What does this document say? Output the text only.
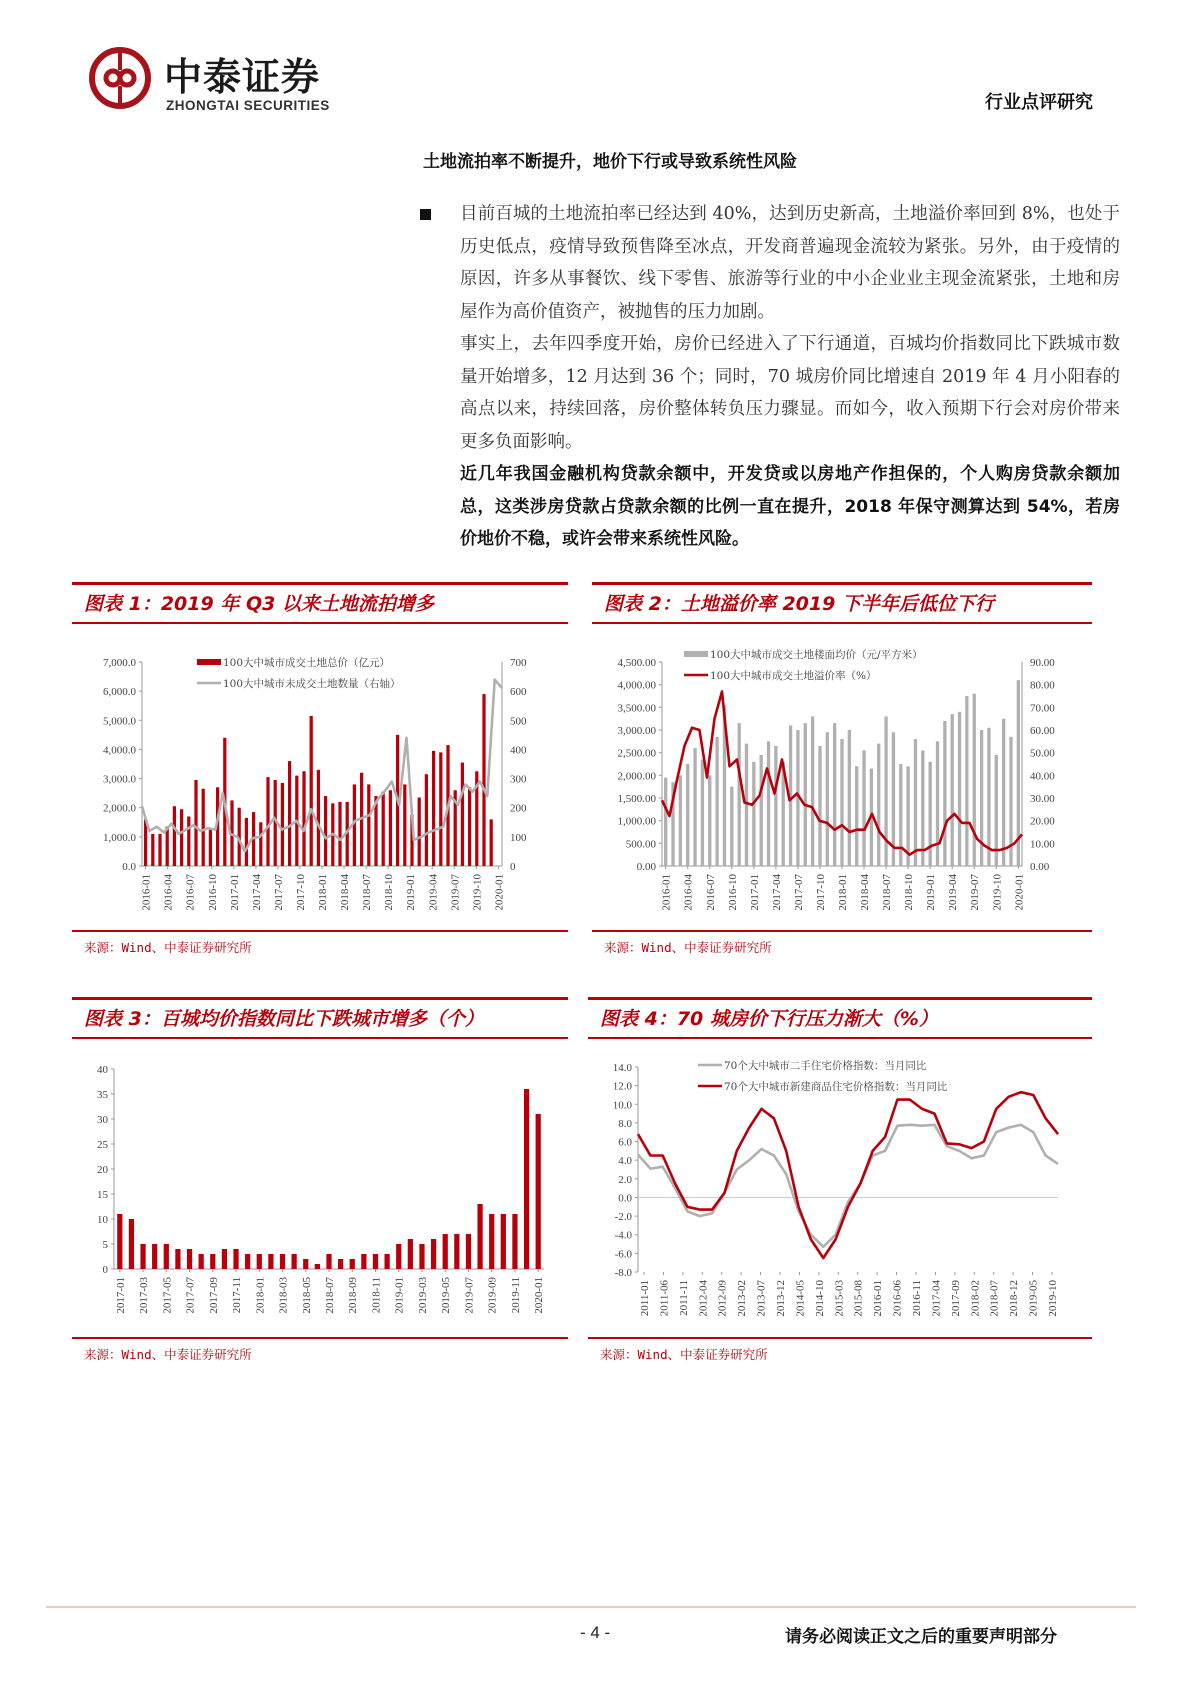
中泰证券
ZHONGTAI SECURITIES	行业点评研究
土地流拍率不断提升，地价下行或导致系统性风险

目前百城的土地流拍率已经达到 40%，达到历史新高，土地溢价率回到 8%，也处于历史低点，疫情导致预售降至冰点，开发商普遍现金流较为紧张。另外，由于疫情的原因，许多从事餐饮、线下零售、旅游等行业的中小企业业主现金流紧张，土地和房屋作为高价值资产，被抛售的压力加剧。

事实上，去年四季度开始，房价已经进入了下行通道，百城均价指数同比下跌城市数量开始增多，12 月达到 36 个；同时，70 城房价同比增速自 2019 年 4 月小阳春的高点以来，持续回落，房价整体转负压力骤显。而如今，收入预期下行会对房价带来更多负面影响。

近几年我国金融机构贷款余额中，开发贷或以房地产作担保的，个人购房贷款余额加总，这类涉房贷款占贷款余额的比例一直在提升，2018 年保守测算达到 54%，若房价地价不稳，或许会带来系统性风险。

图表 1：2019 年 Q3 以来土地流拍增多
0.0
1,000.0
2,000.0
3,000.0
4,000.0
5,000.0
6,000.0
7,000.0
0
100
200
300
400
500
600
700
2016-01 2016-04 2016-07 2016-10 2017-01 2017-04 2017-07 2017-10 2018-01 2018-04 2018-07 2018-10 2019-01 2019-04 2019-07 2019-10 2020-01
100大中城市成交土地总价（亿元）
100大中城市未成交土地数量（右轴）
来源：Wind、中泰证券研究所
图表 2：土地溢价率 2019 下半年后低位下行
0.00
500.00
1,000.00
1,500.00
2,000.00
2,500.00
3,000.00
3,500.00
4,000.00
4,500.00
0.00
10.00
20.00
30.00
40.00
50.00
60.00
70.00
80.00
90.00
2016-01 2016-04 2016-07 2016-10 2017-01 2017-04 2017-07 2017-10 2018-01 2018-04 2018-07 2018-10 2019-01 2019-04 2019-07 2019-10 2020-01
100大中城市成交土地楼面均价（元/平方米）
100大中城市成交土地溢价率（%）
来源：Wind、中泰证券研究所
图表 3：百城均价指数同比下跌城市增多（个）
0
5
10
15
20
25
30
35
40
2017-01 2017-03 2017-05 2017-07 2017-09 2017-11 2018-01 2018-03 2018-05 2018-07 2018-09 2018-11 2019-01 2019-03 2019-05 2019-07 2019-09 2019-11 2020-01
来源：Wind、中泰证券研究所
图表 4：70 城房价下行压力渐大（%）
-8.0
-6.0
-4.0
-2.0
0.0
2.0
4.0
6.0
8.0
10.0
12.0
14.0
2011-01 2011-06 2011-11 2012-04 2012-09 2013-02 2013-07 2013-12 2014-05 2014-10 2015-03 2015-08 2016-01 2016-06 2016-11 2017-04 2017-09 2018-02 2018-07 2018-12 2019-05 2019-10
70个大中城市二手住宅价格指数：当月同比
70个大中城市新建商品住宅价格指数：当月同比
来源：Wind、中泰证券研究所
- 4 -	请务必阅读正文之后的重要声明部分
